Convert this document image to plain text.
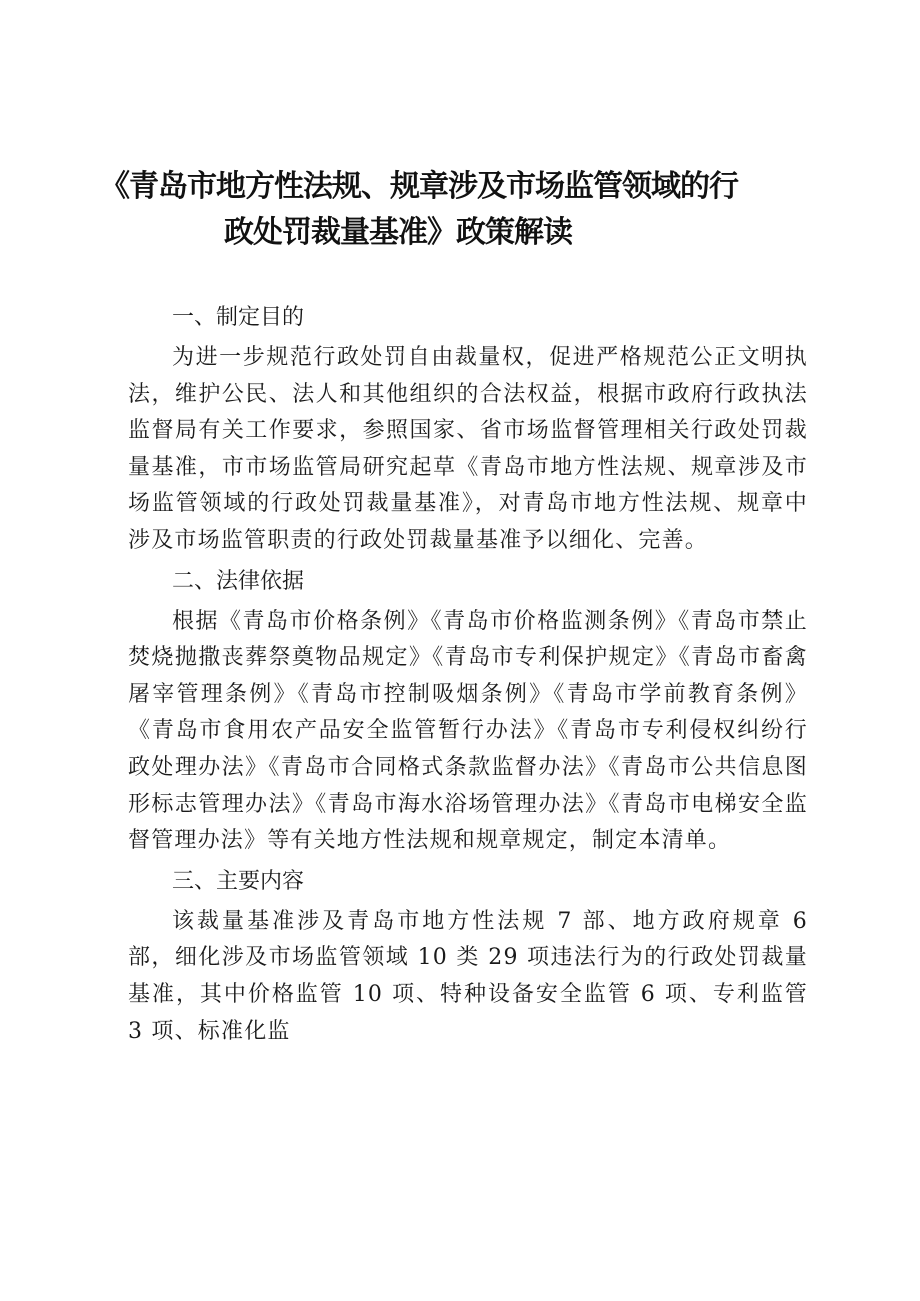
《青岛市地方性法规、规章涉及市场监管领域的行
政处罚裁量基准》政策解读
一、制定目的

为进一步规范行政处罚自由裁量权，促进严格规范公正文明执法，维护公民、法人和其他组织的合法权益，根据市政府行政执法监督局有关工作要求，参照国家、省市场监督管理相关行政处罚裁量基准，市市场监管局研究起草《青岛市地方性法规、规章涉及市场监管领域的行政处罚裁量基准》，对青岛市地方性法规、规章中涉及市场监管职责的行政处罚裁量基准予以细化、完善。

二、法律依据

根据《青岛市价格条例》《青岛市价格监测条例》《青岛市禁止焚烧抛撒丧葬祭奠物品规定》《青岛市专利保护规定》《青岛市畜禽屠宰管理条例》《青岛市控制吸烟条例》《青岛市学前教育条例》《青岛市食用农产品安全监管暂行办法》《青岛市专利侵权纠纷行政处理办法》《青岛市合同格式条款监督办法》《青岛市公共信息图形标志管理办法》《青岛市海水浴场管理办法》《青岛市电梯安全监督管理办法》等有关地方性法规和规章规定，制定本清单。

三、主要内容

该裁量基准涉及青岛市地方性法规 7 部、地方政府规章 6 部，细化涉及市场监管领域 10 类 29 项违法行为的行政处罚裁量基准，其中价格监管 10 项、特种设备安全监管 6 项、专利监管 3 项、标准化监
